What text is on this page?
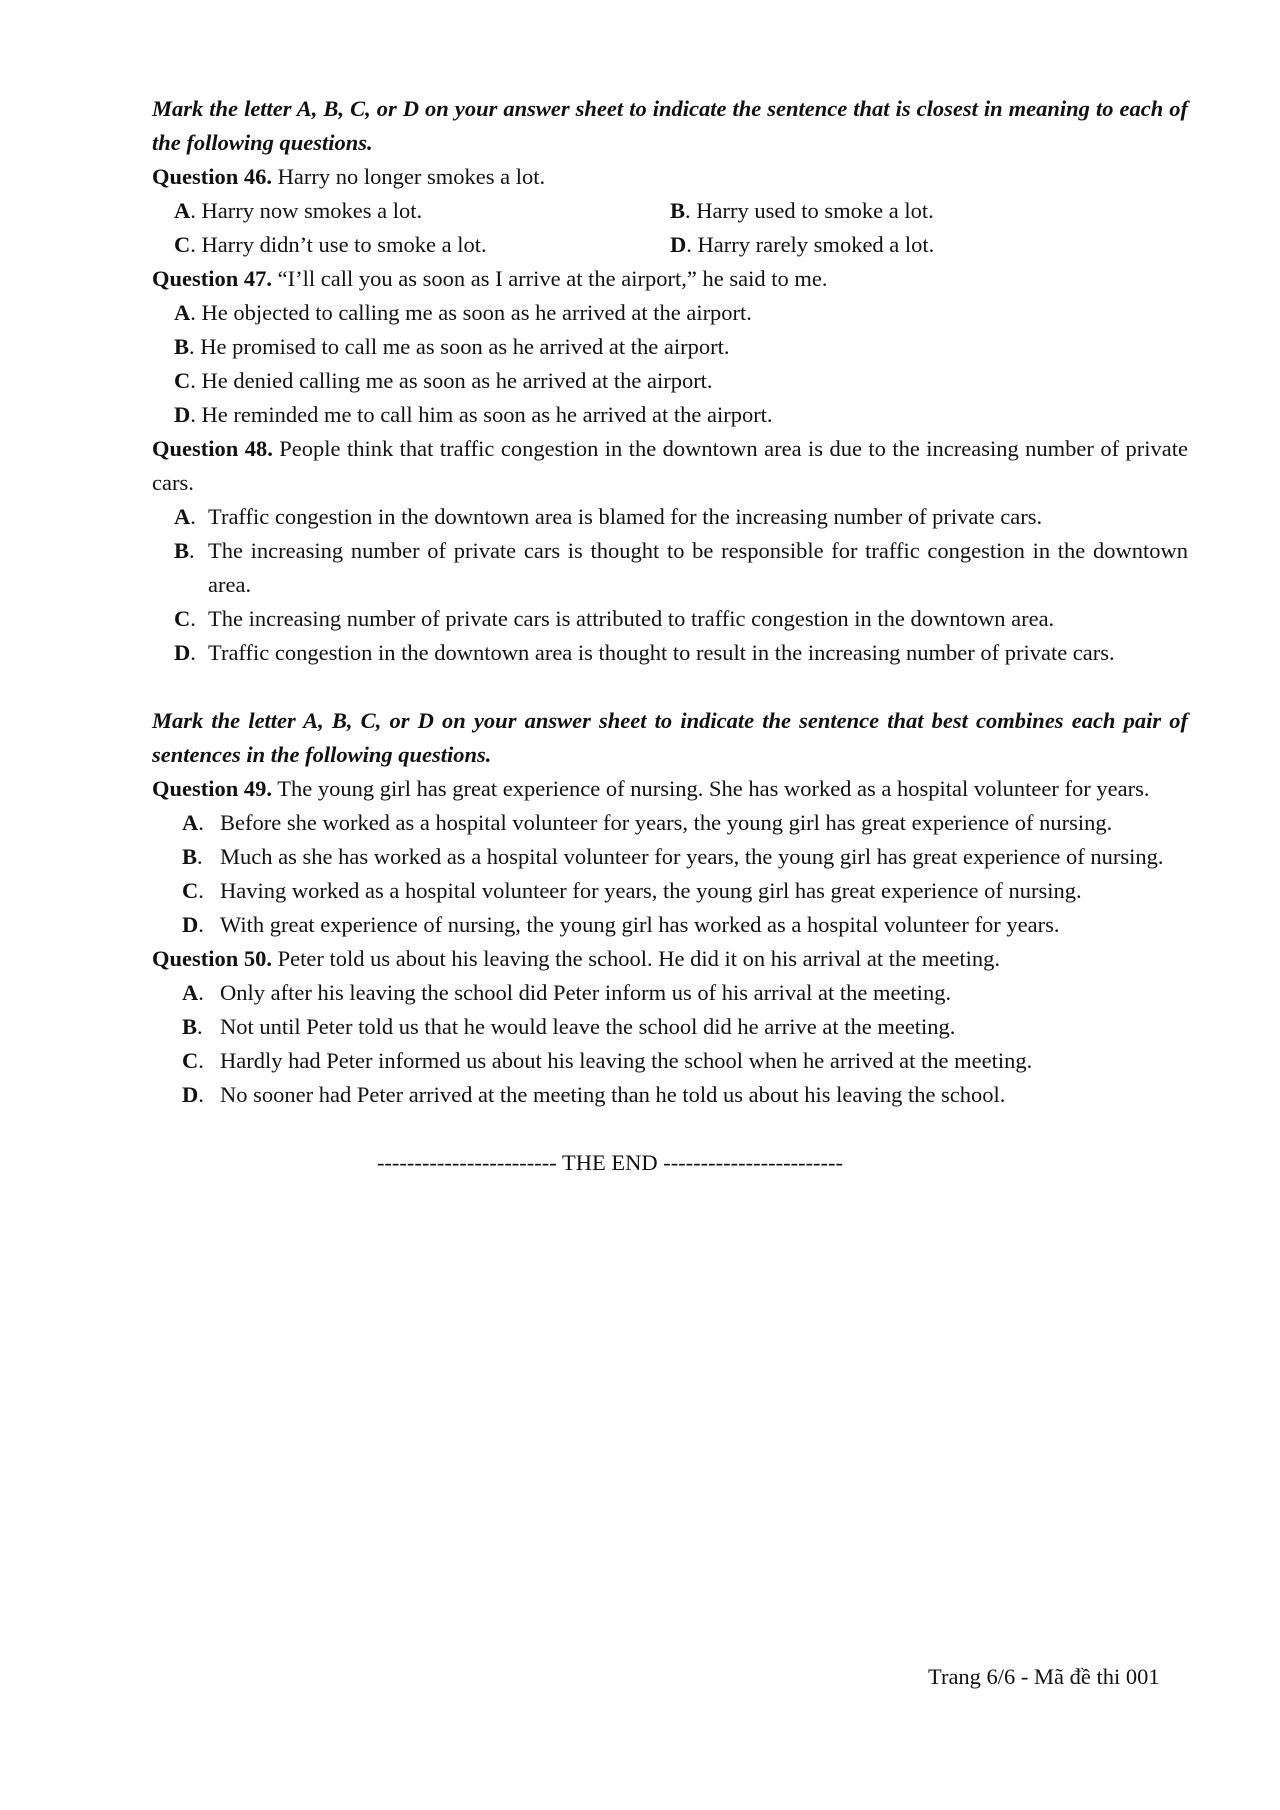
Mark the letter A, B, C, or D on your answer sheet to indicate the sentence that is closest in meaning to each of the following questions.
Question 46. Harry no longer smokes a lot.
A. Harry now smokes a lot.	B. Harry used to smoke a lot.
C. Harry didn’t use to smoke a lot.	D. Harry rarely smoked a lot.
Question 47. “I’ll call you as soon as I arrive at the airport,” he said to me.
A . He objected to calling me as soon as he arrived at the airport.
B . He promised to call me as soon as he arrived at the airport.
C . He denied calling me as soon as he arrived at the airport.
D . He reminded me to call him as soon as he arrived at the airport.
Question 48. People think that traffic congestion in the downtown area is due to the increasing number of private cars.
A. Traffic congestion in the downtown area is blamed for the increasing number of private cars.
B. The increasing number of private cars is thought to be responsible for traffic congestion in the downtown area.
C. The increasing number of private cars is attributed to traffic congestion in the downtown area.
D. Traffic congestion in the downtown area is thought to result in the increasing number of private cars.
Mark the letter A, B, C, or D on your answer sheet to indicate the sentence that best combines each pair of sentences in the following questions.
Question 49. The young girl has great experience of nursing. She has worked as a hospital volunteer for years.
A. Before she worked as a hospital volunteer for years, the young girl has great experience of nursing.
B. Much as she has worked as a hospital volunteer for years, the young girl has great experience of nursing.
C. Having worked as a hospital volunteer for years, the young girl has great experience of nursing.
D. With great experience of nursing, the young girl has worked as a hospital volunteer for years.
Question 50. Peter told us about his leaving the school. He did it on his arrival at the meeting.
A. Only after his leaving the school did Peter inform us of his arrival at the meeting.
B. Not until Peter told us that he would leave the school did he arrive at the meeting.
C. Hardly had Peter informed us about his leaving the school when he arrived at the meeting.
D. No sooner had Peter arrived at the meeting than he told us about his leaving the school.
------------------------ THE END ------------------------
Trang 6/6 - Mã đề thi 001
